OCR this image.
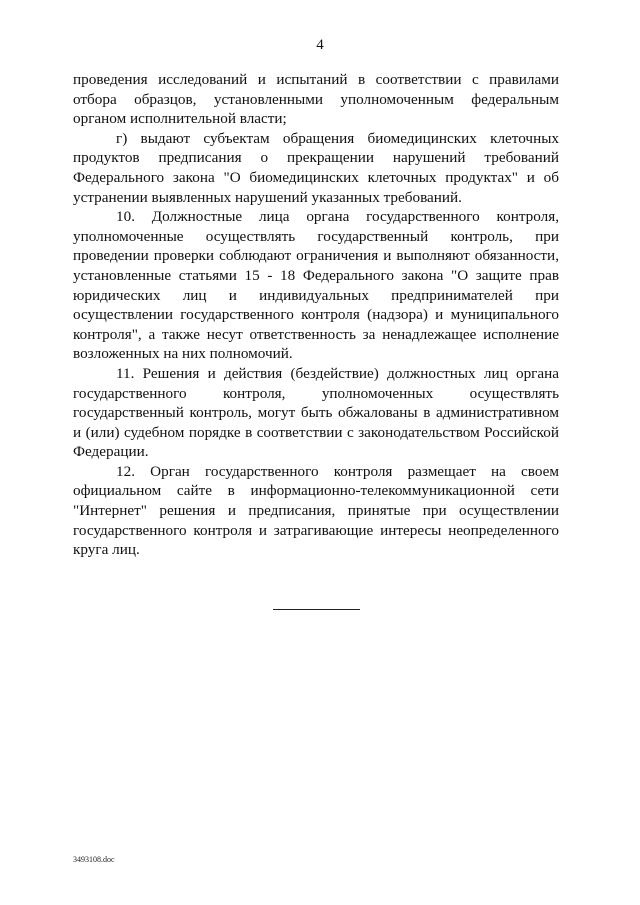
4

проведения исследований и испытаний в соответствии с правилами отбора образцов, установленными уполномоченным федеральным органом исполнительной власти;

г) выдают субъектам обращения биомедицинских клеточных продуктов предписания о прекращении нарушений требований Федерального закона "О биомедицинских клеточных продуктах" и об устранении выявленных нарушений указанных требований.

10. Должностные лица органа государственного контроля, уполномоченные осуществлять государственный контроль, при проведении проверки соблюдают ограничения и выполняют обязанности, установленные статьями 15 - 18 Федерального закона "О защите прав юридических лиц и индивидуальных предпринимателей при осуществлении государственного контроля (надзора) и муниципального контроля", а также несут ответственность за ненадлежащее исполнение возложенных на них полномочий.

11. Решения и действия (бездействие) должностных лиц органа государственного контроля, уполномоченных осуществлять государственный контроль, могут быть обжалованы в административном и (или) судебном порядке в соответствии с законодательством Российской Федерации.

12. Орган государственного контроля размещает на своем официальном сайте в информационно-телекоммуникационной сети "Интернет" решения и предписания, принятые при осуществлении государственного контроля и затрагивающие интересы неопределенного круга лиц.

3493108.doc
